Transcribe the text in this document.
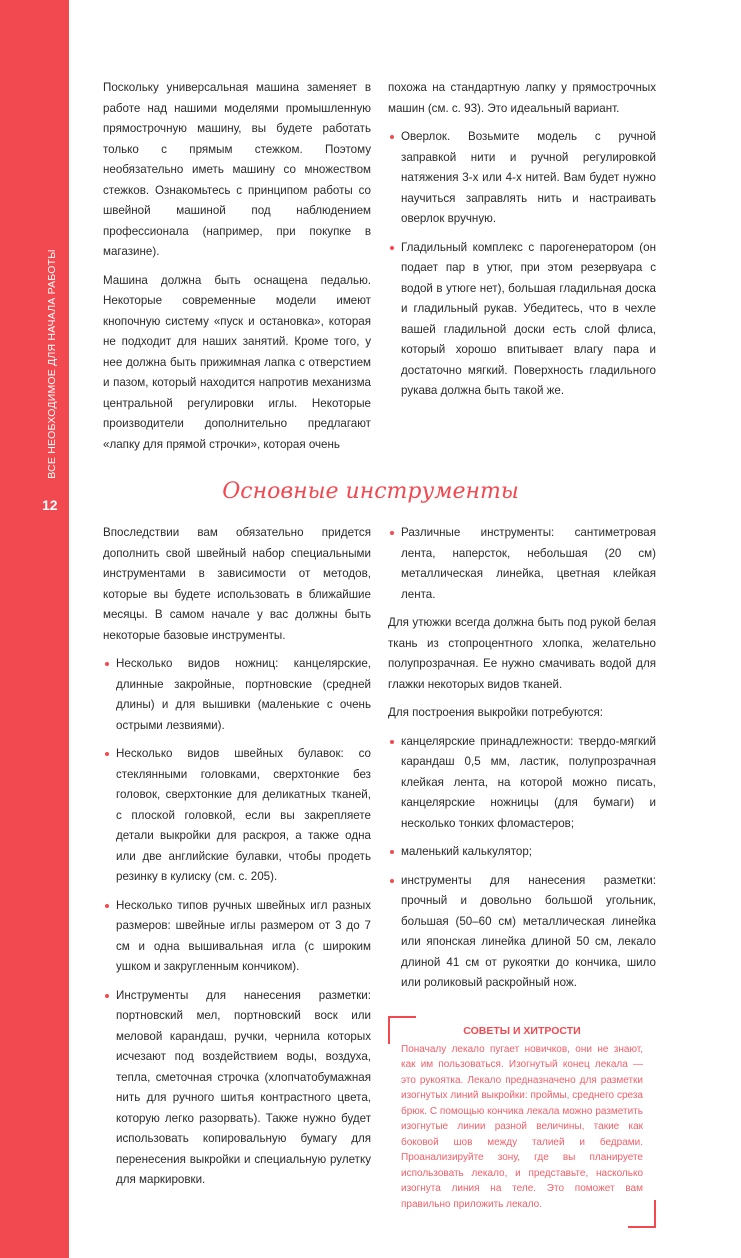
ВСЕ НЕОБХОДИМОЕ ДЛЯ НАЧАЛА РАБОТЫ
12

Поскольку универсальная машина заменяет в работе над нашими моделями промышленную прямострочную машину, вы будете работать только с прямым стежком. Поэтому необязательно иметь машину со множеством стежков. Ознакомьтесь с принципом работы со швейной машиной под наблюдением профессионала (например, при покупке в магазине).

Машина должна быть оснащена педалью. Некоторые современные модели имеют кнопочную систему «пуск и остановка», которая не подходит для наших занятий. Кроме того, у нее должна быть прижимная лапка с отверстием и пазом, который находится напротив механизма центральной регулировки иглы. Некоторые производители дополнительно предлагают «лапку для прямой строчки», которая очень

похожа на стандартную лапку у прямострочных машин (см. с. 93). Это идеальный вариант.

Оверлок. Возьмите модель с ручной заправкой нити и ручной регулировкой натяжения 3-х или 4-х нитей. Вам будет нужно научиться заправлять нить и настраивать оверлок вручную.
Гладильный комплекс с парогенератором (он подает пар в утюг, при этом резервуара с водой в утюге нет), большая гладильная доска и гладильный рукав. Убедитесь, что в чехле вашей гладильной доски есть слой флиса, который хорошо впитывает влагу пара и достаточно мягкий. Поверхность гладильного рукава должна быть такой же.
Основные инструменты

Впоследствии вам обязательно придется дополнить свой швейный набор специальными инструментами в зависимости от методов, которые вы будете использовать в ближайшие месяцы. В самом начале у вас должны быть некоторые базовые инструменты.

Несколько видов ножниц: канцелярские, длинные закройные, портновские (средней длины) и для вышивки (маленькие с очень острыми лезвиями).
Несколько видов швейных булавок: со стеклянными головками, сверхтонкие без головок, сверхтонкие для деликатных тканей, с плоской головкой, если вы закрепляете детали выкройки для раскроя, а также одна или две английские булавки, чтобы продеть резинку в кулиску (см. с. 205).
Несколько типов ручных швейных игл разных размеров: швейные иглы размером от 3 до 7 см и одна вышивальная игла (с широким ушком и закругленным кончиком).
Инструменты для нанесения разметки: портновский мел, портновский воск или меловой карандаш, ручки, чернила которых исчезают под воздействием воды, воздуха, тепла, сметочная строчка (хлопчатобумажная нить для ручного шитья контрастного цвета, которую легко разорвать). Также нужно будет использовать копировальную бумагу для перенесения выкройки и специальную рулетку для маркировки.
Различные инструменты: сантиметровая лента, наперсток, небольшая (20 см) металлическая линейка, цветная клейкая лента.

Для утюжки всегда должна быть под рукой белая ткань из стопроцентного хлопка, желательно полупрозрачная. Ее нужно смачивать водой для глажки некоторых видов тканей.

Для построения выкройки потребуются:

канцелярские принадлежности: твердо-мягкий карандаш 0,5 мм, ластик, полупрозрачная клейкая лента, на которой можно писать, канцелярские ножницы (для бумаги) и несколько тонких фломастеров;
маленький калькулятор;
инструменты для нанесения разметки: прочный и довольно большой угольник, большая (50–60 см) металлическая линейка или японская линейка длиной 50 см, лекало длиной 41 см от рукоятки до кончика, шило или роликовый раскройный нож.
СОВЕТЫ И ХИТРОСТИ
Поначалу лекало пугает новичков, они не знают, как им пользоваться. Изогнутый конец лекала — это рукоятка. Лекало предназначено для разметки изогнутых линий выкройки: проймы, среднего среза брюк. С помощью кончика лекала можно разметить изогнутые линии разной величины, такие как боковой шов между талией и бедрами. Проанализируйте зону, где вы планируете использовать лекало, и представьте, насколько изогнута линия на теле. Это поможет вам правильно приложить лекало.
